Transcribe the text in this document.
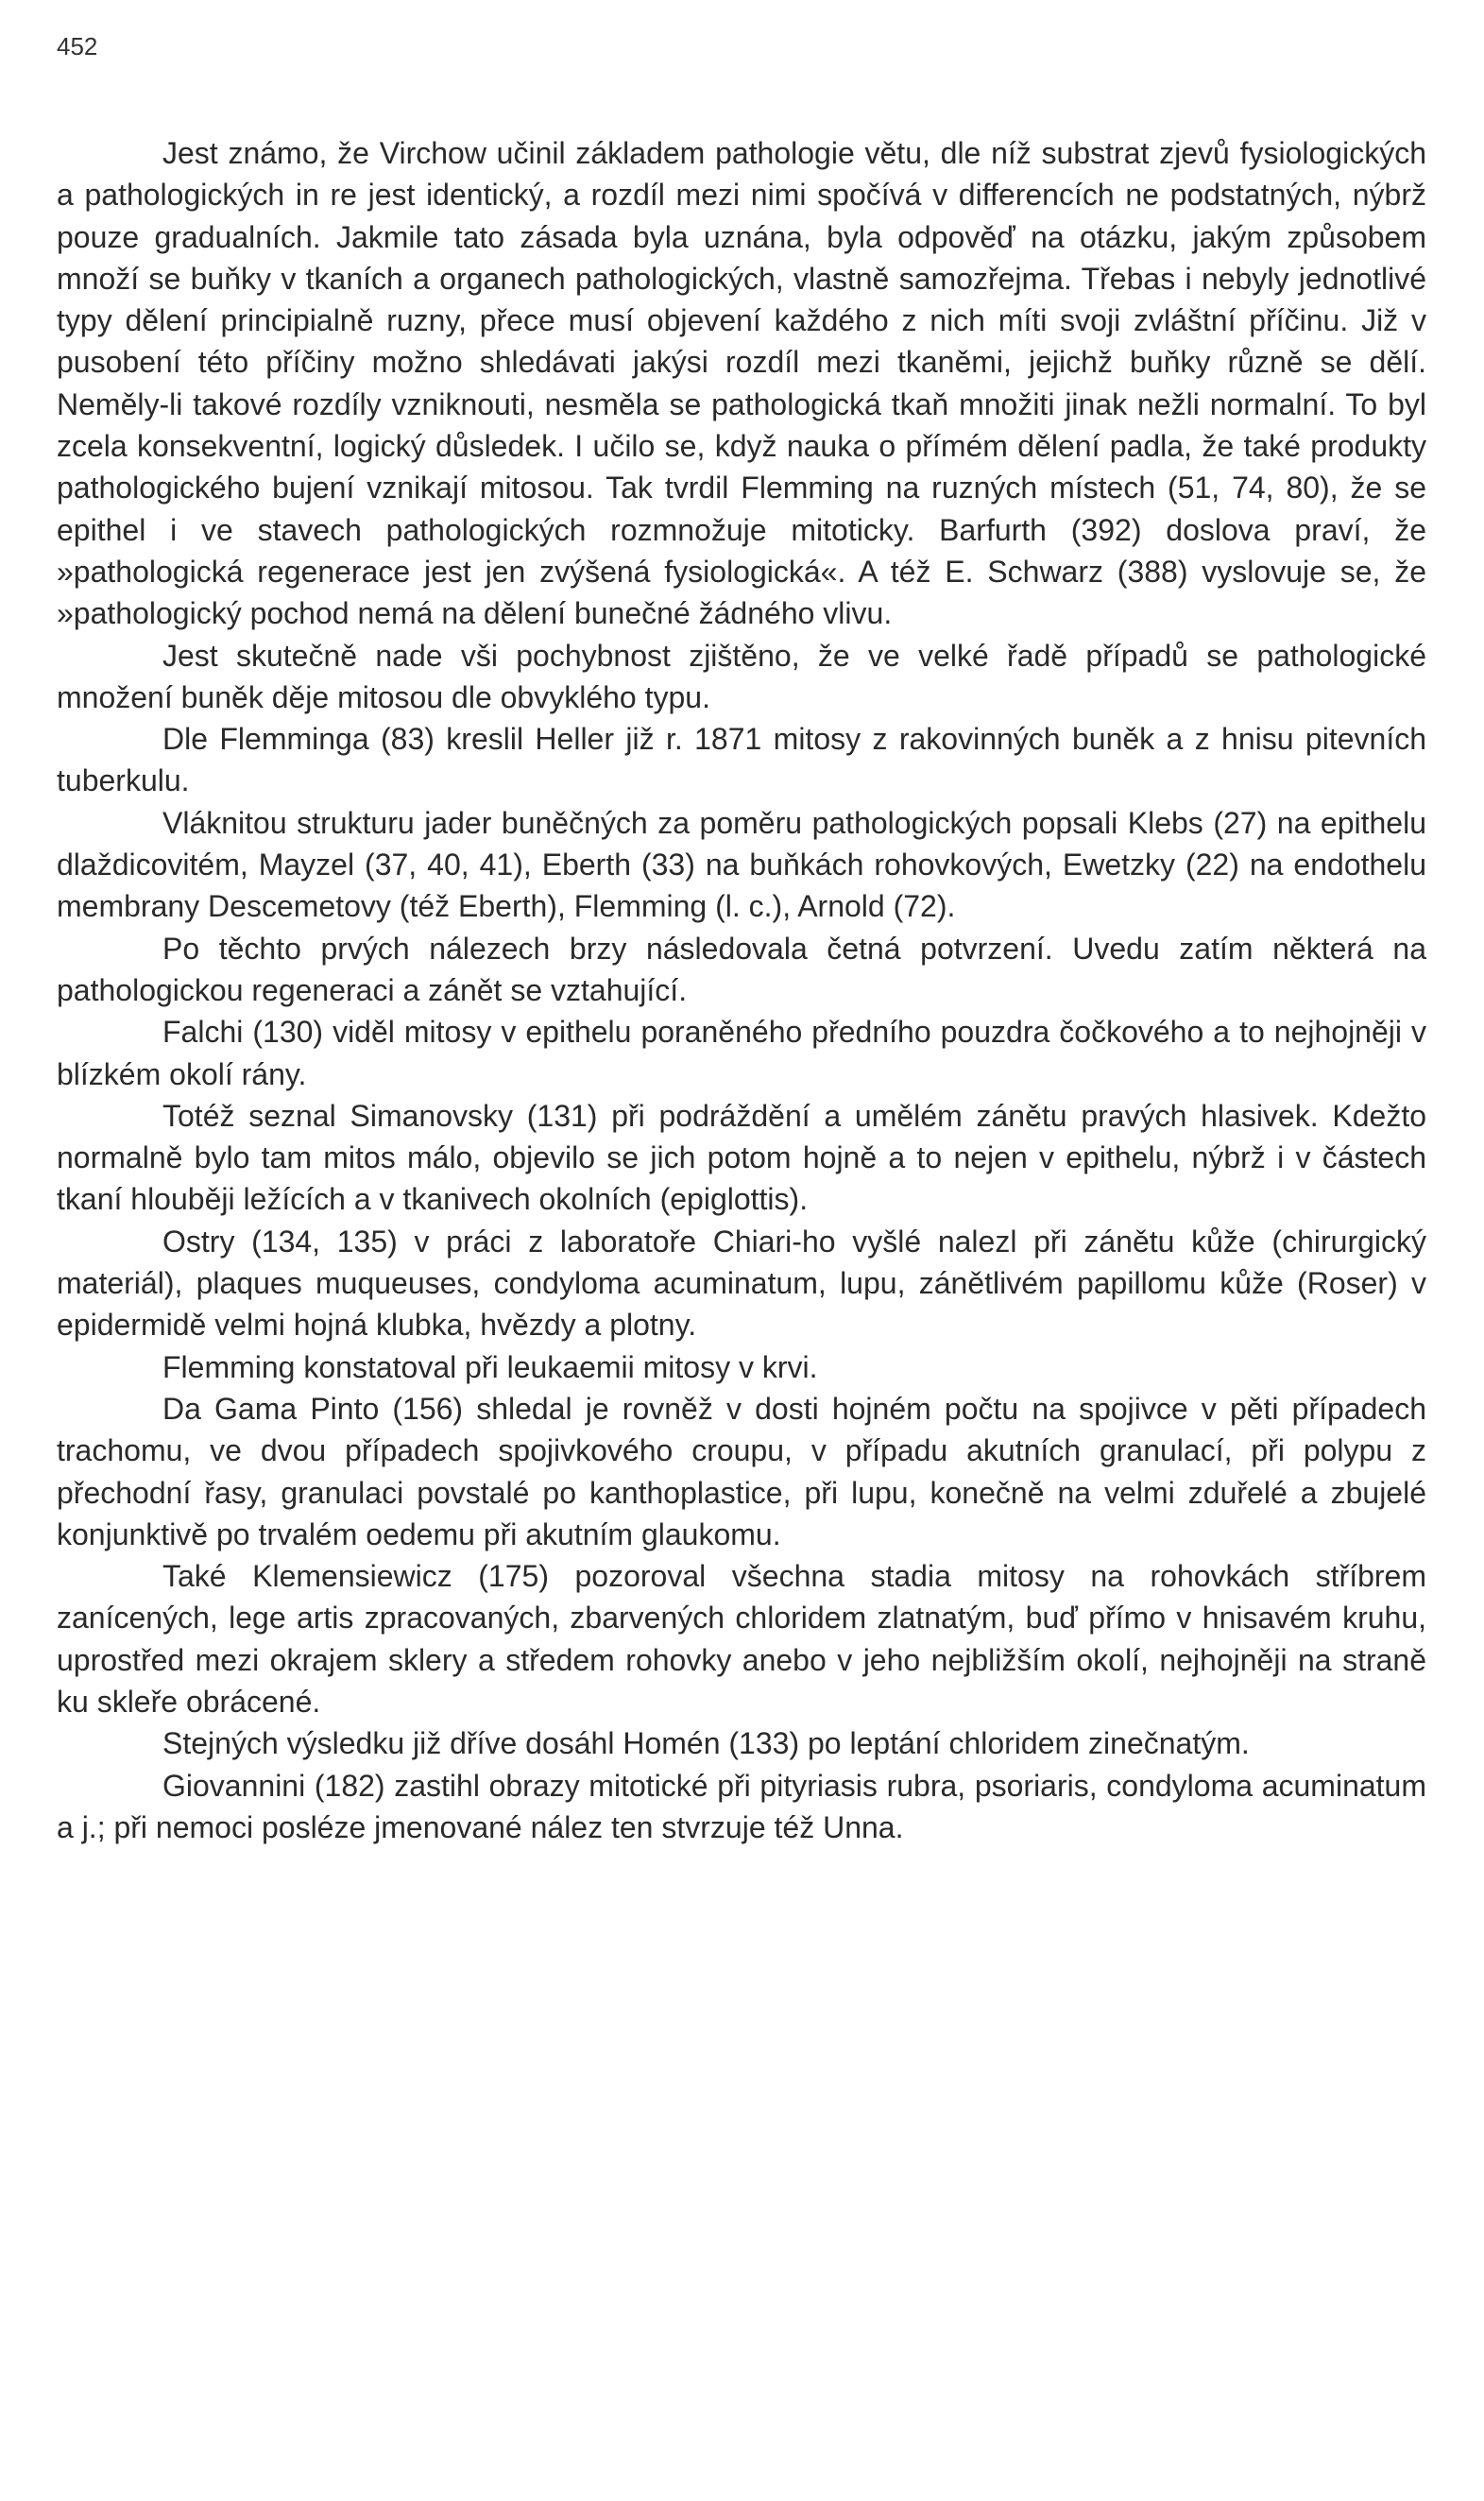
452

Jest známo, že Virchow učinil základem pathologie větu, dle níž substrat zjevů fysiologických a pathologických in re jest identický, a rozdíl mezi nimi spočívá v differencích ne podstatných, nýbrž pouze gradualních. Jakmile tato zásada byla uznána, byla odpověď na otázku, jakým způsobem množí se buňky v tkaních a organech pathologických, vlastně samozřejma. Třebas i nebyly jednotlivé typy dělení principialně ruzny, přece musí objevení každého z nich míti svoji zvláštní příčinu. Již v pusobení této příčiny možno shledávati jakýsi rozdíl mezi tkaněmi, jejichž buňky různě se dělí. Neměly-li takové rozdíly vzniknouti, nesměla se pathologická tkaň množiti jinak nežli normalní. To byl zcela konsekventní, logický důsledek. I učilo se, když nauka o přímém dělení padla, že také produkty pathologického bujení vznikají mitosou. Tak tvrdil Flemming na ruzných místech (51, 74, 80), že se epithel i ve stavech pathologických rozmnožuje mitoticky. Barfurth (392) doslova praví, že »pathologická regenerace jest jen zvýšená fysiologická«. A též E. Schwarz (388) vyslovuje se, že »pathologický pochod nemá na dělení bunečné žádného vlivu.

Jest skutečně nade vši pochybnost zjištěno, že ve velké řadě případů se pathologické množení buněk děje mitosou dle obvyklého typu.

Dle Flemminga (83) kreslil Heller již r. 1871 mitosy z rakovinných buněk a z hnisu pitevních tuberkulu.

Vláknitou strukturu jader buněčných za poměru pathologických popsali Klebs (27) na epithelu dlaždicovitém, Mayzel (37, 40, 41), Eberth (33) na buňkách rohovkových, Ewetzky (22) na endothelu membrany Descemetovy (též Eberth), Flemming (l. c.), Arnold (72).

Po těchto prvých nálezech brzy následovala četná potvrzení. Uvedu zatím některá na pathologickou regeneraci a zánět se vztahující.

Falchi (130) viděl mitosy v epithelu poraněného předního pouzdra čočkového a to nejhojněji v blízkém okolí rány.

Totéž seznal Simanovsky (131) při podráždění a umělém zánětu pravých hlasivek. Kdežto normalně bylo tam mitos málo, objevilo se jich potom hojně a to nejen v epithelu, nýbrž i v částech tkaní hlouběji ležících a v tkanivech okolních (epiglottis).

Ostry (134, 135) v práci z laboratoře Chiari-ho vyšlé nalezl při zánětu kůže (chirurgický materiál), plaques muqueuses, condyloma acuminatum, lupu, zánětlivém papillomu kůže (Roser) v epidermidě velmi hojná klubka, hvězdy a plotny.

Flemming konstatoval při leukaemii mitosy v krvi.

Da Gama Pinto (156) shledal je rovněž v dosti hojném počtu na spojivce v pěti případech trachomu, ve dvou případech spojivkového croupu, v případu akutních granulací, při polypu z přechodní řasy, granulaci povstalé po kanthoplastice, při lupu, konečně na velmi zduřelé a zbujelé konjunktivě po trvalém oedemu při akutním glaukomu.

Také Klemensiewicz (175) pozoroval všechna stadia mitosy na rohovkách stříbrem zanícených, lege artis zpracovaných, zbarvených chloridem zlatnatým, buď přímo v hnisavém kruhu, uprostřed mezi okrajem sklery a středem rohovky anebo v jeho nejbližším okolí, nejhojněji na straně ku skleře obrácené.

Stejných výsledku již dříve dosáhl Homén (133) po leptání chloridem zinečnatým.

Giovannini (182) zastihl obrazy mitotické při pityriasis rubra, psoriaris, condyloma acuminatum a j.; při nemoci posléze jmenované nález ten stvrzuje též Unna.
